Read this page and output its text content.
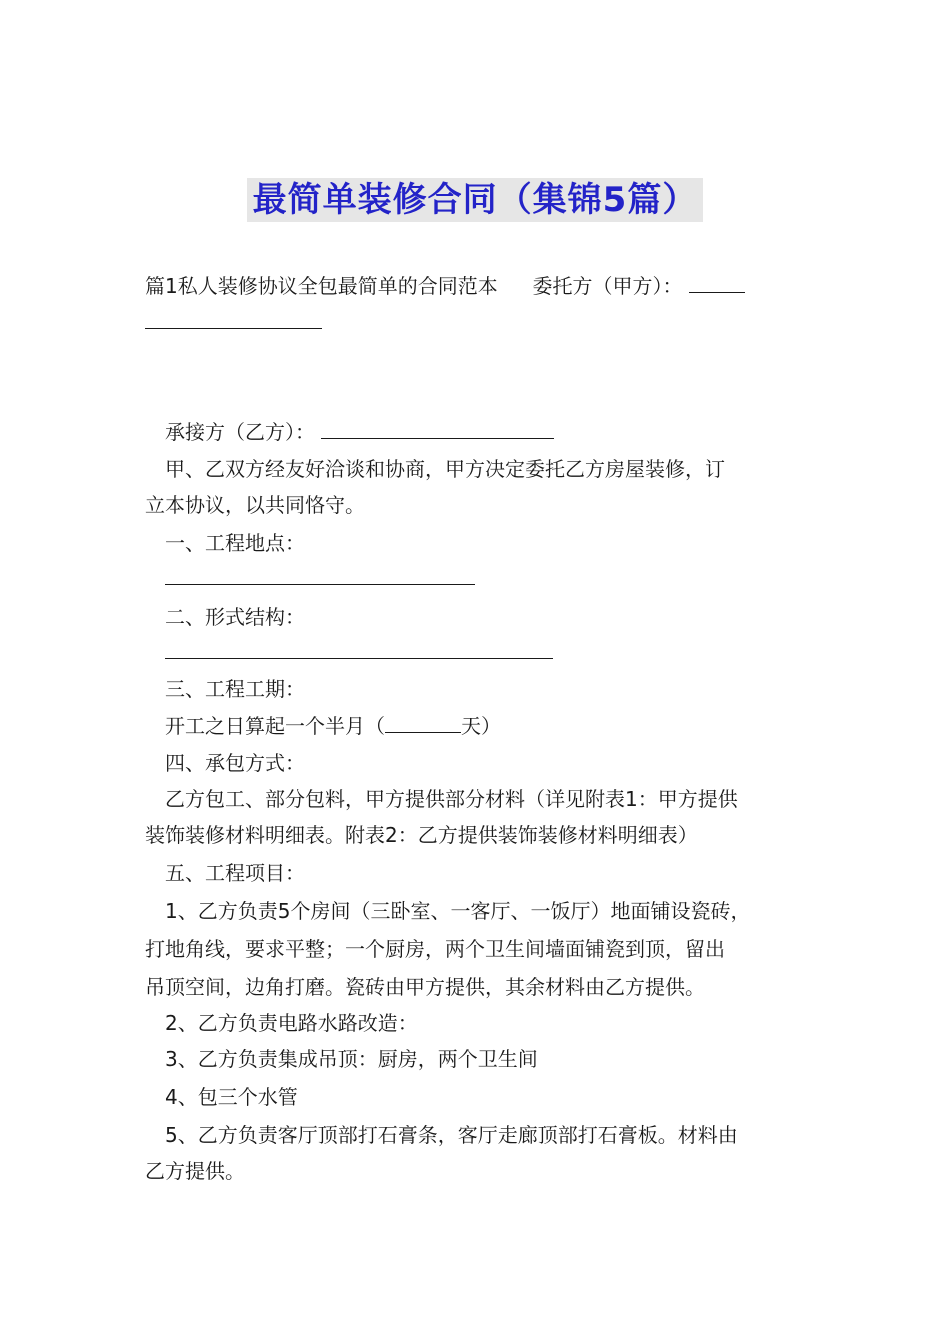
最简单装修合同（集锦5篇）
篇1私人装修协议全包最简单的合同范本 委托方（甲方）：
承接方（乙方）：
甲、乙双方经友好洽谈和协商，甲方决定委托乙方房屋装修，订
立本协议，以共同恪守。
一、工程地点：
二、形式结构：
三、工程工期：
开工之日算起一个半月（	天）
四、承包方式：
乙方包工、部分包料，甲方提供部分材料（详见附表1：甲方提供
装饰装修材料明细表。附表2：乙方提供装饰装修材料明细表）
五、工程项目：
1、乙方负责5个房间（三卧室、一客厅、一饭厅）地面铺设瓷砖，
打地角线，要求平整；一个厨房，两个卫生间墙面铺瓷到顶，留出
吊顶空间，边角打磨。瓷砖由甲方提供，其余材料由乙方提供。
2、乙方负责电路水路改造：
3、乙方负责集成吊顶：厨房，两个卫生间
4、包三个水管
5、乙方负责客厅顶部打石膏条，客厅走廊顶部打石膏板。材料由
乙方提供。
